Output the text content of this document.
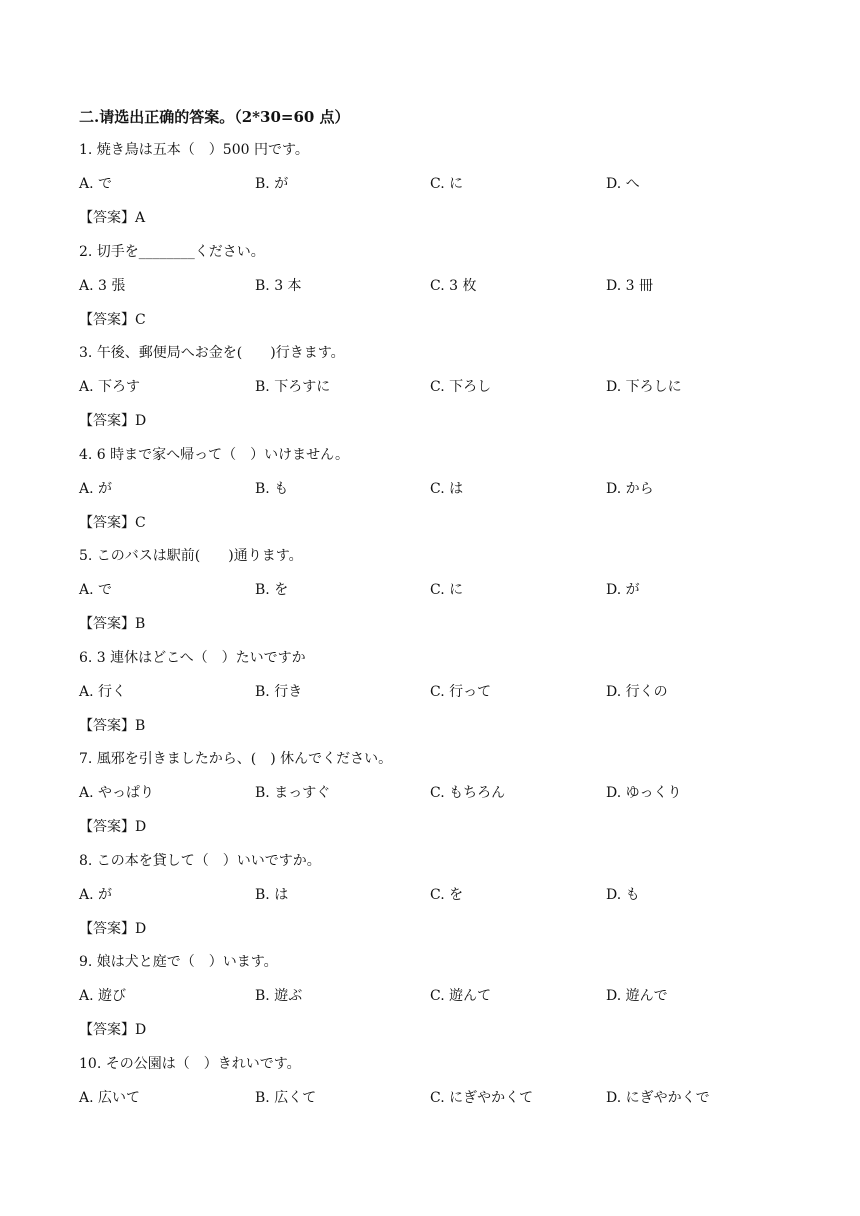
二.请选出正确的答案。（2*30=60 点）
1. 焼き鳥は五本（　）500 円です。
A. で	B. が	C. に	D. へ
【答案】A
2. 切手を________ください。
A. 3 張	B. 3 本	C. 3 枚	D. 3 冊
【答案】C
3. 午後、郵便局へお金を(　　)行きます。
A. 下ろす	B. 下ろすに	C. 下ろし	D. 下ろしに
【答案】D
4. 6 時まで家へ帰って（　）いけません。
A. が	B. も	C. は	D. から
【答案】C
5. このバスは駅前(　　)通ります。
A. で	B. を	C. に	D. が
【答案】B
6. 3 連休はどこへ（　）たいですか
A. 行く	B. 行き	C. 行って	D. 行くの
【答案】B
7. 風邪を引きましたから、(　) 休んでください。
A. やっぱり	B. まっすぐ	C. もちろん	D. ゆっくり
【答案】D
8. この本を貸して（　）いいですか。
A. が	B. は	C. を	D. も
【答案】D
9. 娘は犬と庭で（　）います。
A. 遊び	B. 遊ぶ	C. 遊んて	D. 遊んで
【答案】D
10. その公園は（　）きれいです。
A. 広いて	B. 広くて	C. にぎやかくて	D. にぎやかくで
